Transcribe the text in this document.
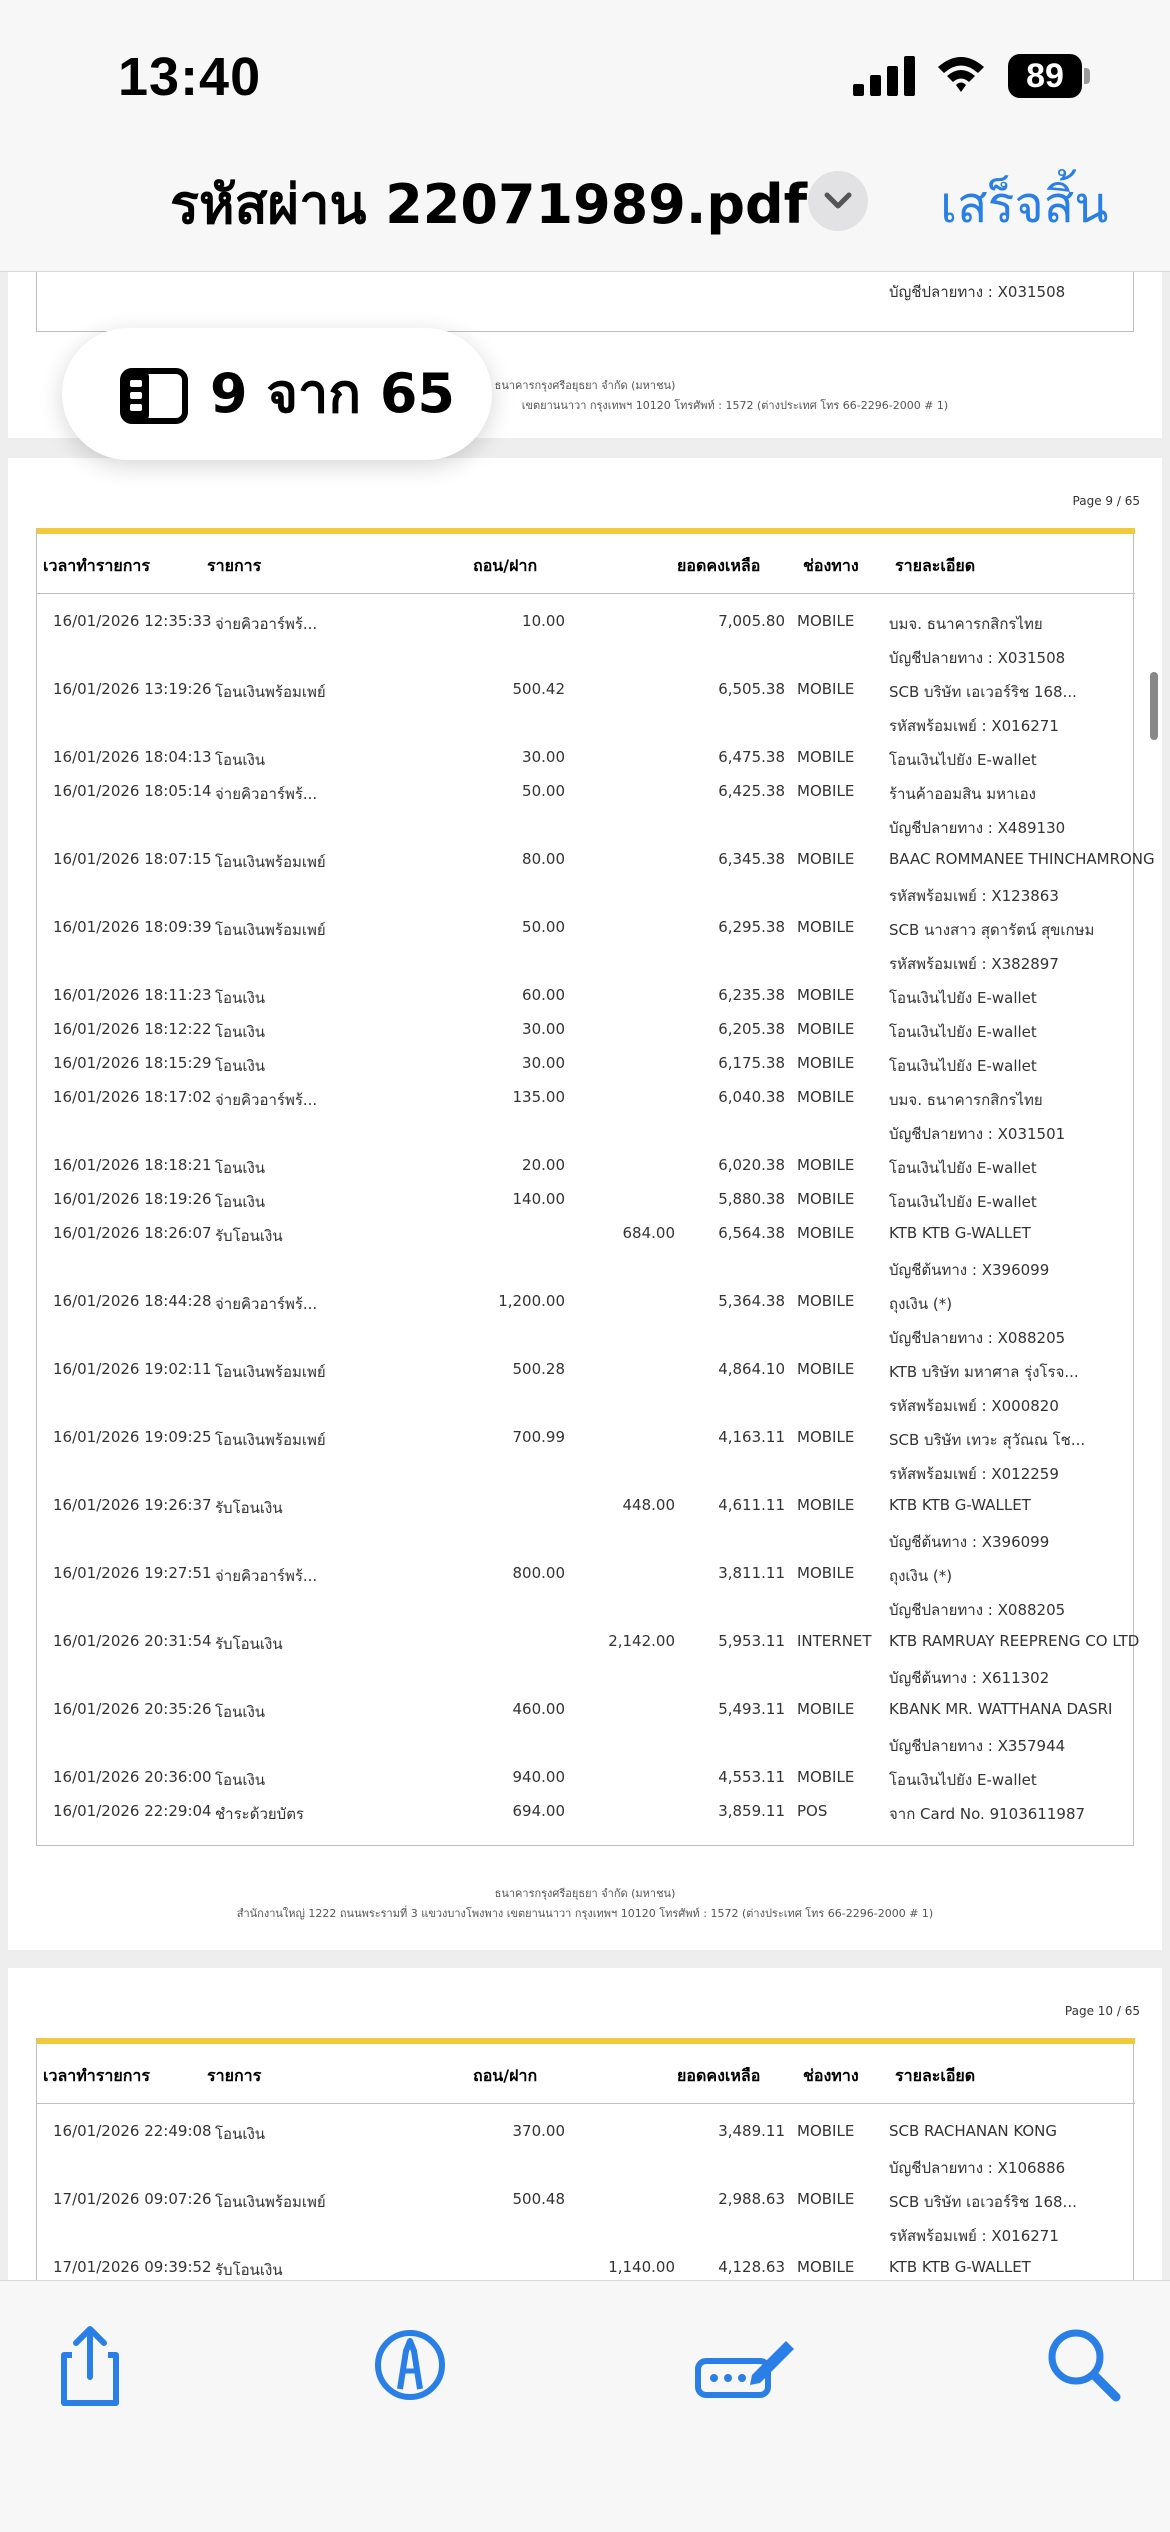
13:40	89
รหัสผ่าน 22071989.pdf	เสร็จสิ้น
บัญชีปลายทาง : X031508
ธนาคารกรุงศรีอยุธยา จำกัด (มหาชน)
เขตยานนาวา กรุงเทพฯ 10120 โทรศัพท์ : 1572 (ต่างประเทศ โทร 66-2296-2000 # 1)
Page 9 / 65
เวลาทำรายการ	รายการ	ถอน/ฝาก	ยอดคงเหลือ	ช่องทาง รายละเอียด
16/01/2026 12:35:33 จ่ายคิวอาร์พร้...	10.00	7,005.80 MOBILE บมจ. ธนาคารกสิกรไทย
บัญชีปลายทาง : X031508
16/01/2026 13:19:26 โอนเงินพร้อมเพย์	500.42	6,505.38 MOBILE SCB บริษัท เอเวอร์ริช 168...
รหัสพร้อมเพย์ : X016271
16/01/2026 18:04:13 โอนเงิน	30.00	6,475.38 MOBILE โอนเงินไปยัง E-wallet
16/01/2026 18:05:14 จ่ายคิวอาร์พร้...	50.00	6,425.38 MOBILE ร้านค้าออมสิน มหาเอง
บัญชีปลายทาง : X489130
16/01/2026 18:07:15 โอนเงินพร้อมเพย์	80.00	6,345.38 MOBILE BAAC ROMMANEE THINCHAMRONG
รหัสพร้อมเพย์ : X123863
16/01/2026 18:09:39 โอนเงินพร้อมเพย์	50.00	6,295.38 MOBILE SCB นางสาว สุดารัตน์ สุขเกษม
รหัสพร้อมเพย์ : X382897
16/01/2026 18:11:23 โอนเงิน	60.00	6,235.38 MOBILE โอนเงินไปยัง E-wallet
16/01/2026 18:12:22 โอนเงิน	30.00	6,205.38 MOBILE โอนเงินไปยัง E-wallet
16/01/2026 18:15:29 โอนเงิน	30.00	6,175.38 MOBILE โอนเงินไปยัง E-wallet
16/01/2026 18:17:02 จ่ายคิวอาร์พร้...	135.00	6,040.38 MOBILE บมจ. ธนาคารกสิกรไทย
บัญชีปลายทาง : X031501
16/01/2026 18:18:21 โอนเงิน	20.00	6,020.38 MOBILE โอนเงินไปยัง E-wallet
16/01/2026 18:19:26 โอนเงิน	140.00	5,880.38 MOBILE โอนเงินไปยัง E-wallet
16/01/2026 18:26:07 รับโอนเงิน	684.00	6,564.38 MOBILE KTB KTB G-WALLET
บัญชีต้นทาง : X396099
16/01/2026 18:44:28 จ่ายคิวอาร์พร้...	1,200.00	5,364.38 MOBILE ถุงเงิน (*)
บัญชีปลายทาง : X088205
16/01/2026 19:02:11 โอนเงินพร้อมเพย์	500.28	4,864.10 MOBILE KTB บริษัท มหาศาล รุ่งโรจ...
รหัสพร้อมเพย์ : X000820
16/01/2026 19:09:25 โอนเงินพร้อมเพย์	700.99	4,163.11 MOBILE SCB บริษัท เทวะ สุวัณณ โช...
รหัสพร้อมเพย์ : X012259
16/01/2026 19:26:37 รับโอนเงิน	448.00	4,611.11 MOBILE KTB KTB G-WALLET
บัญชีต้นทาง : X396099
16/01/2026 19:27:51 จ่ายคิวอาร์พร้...	800.00	3,811.11 MOBILE ถุงเงิน (*)
บัญชีปลายทาง : X088205
16/01/2026 20:31:54 รับโอนเงิน	2,142.00	5,953.11 INTERNET KTB RAMRUAY REEPRENG CO LTD
บัญชีต้นทาง : X611302
16/01/2026 20:35:26 โอนเงิน	460.00	5,493.11 MOBILE KBANK MR. WATTHANA DASRI
บัญชีปลายทาง : X357944
16/01/2026 20:36:00 โอนเงิน	940.00	4,553.11 MOBILE โอนเงินไปยัง E-wallet
16/01/2026 22:29:04 ชำระด้วยบัตร	694.00	3,859.11 POS	จาก Card No. 9103611987
ธนาคารกรุงศรีอยุธยา จำกัด (มหาชน)
สำนักงานใหญ่ 1222 ถนนพระรามที่ 3 แขวงบางโพงพาง เขตยานนาวา กรุงเทพฯ 10120 โทรศัพท์ : 1572 (ต่างประเทศ โทร 66-2296-2000 # 1)
Page 10 / 65
เวลาทำรายการ	รายการ	ถอน/ฝาก	ยอดคงเหลือ	ช่องทาง รายละเอียด
16/01/2026 22:49:08 โอนเงิน	370.00	3,489.11 MOBILE SCB RACHANAN KONG
บัญชีปลายทาง : X106886
17/01/2026 09:07:26 โอนเงินพร้อมเพย์	500.48	2,988.63 MOBILE SCB บริษัท เอเวอร์ริช 168...
รหัสพร้อมเพย์ : X016271
17/01/2026 09:39:52 รับโอนเงิน	1,140.00	4,128.63 MOBILE KTB KTB G-WALLET
9 จาก 65
